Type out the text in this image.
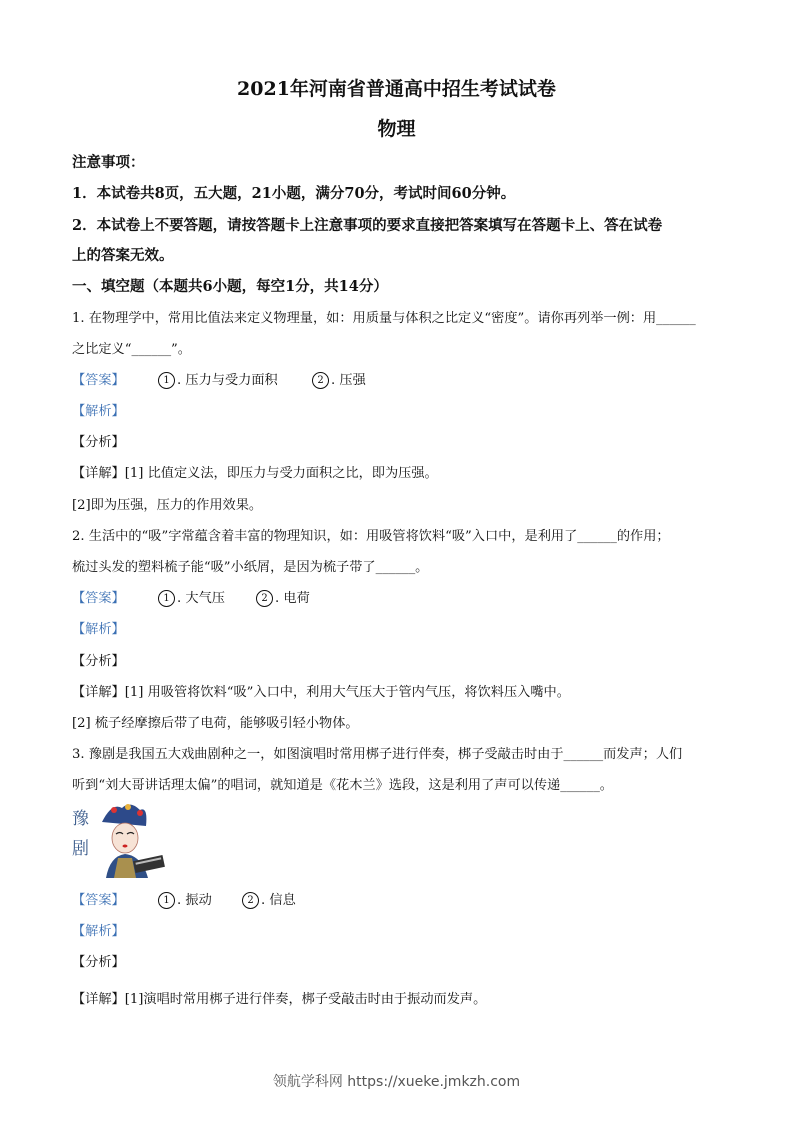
2021年河南省普通高中招生考试试卷
物理
注意事项：
1．本试卷共8页，五大题，21小题，满分70分，考试时间60分钟。
2．本试卷上不要答题，请按答题卡上注意事项的要求直接把答案填写在答题卡上、答在试卷
上的答案无效。
一、填空题（本题共6小题，每空1分，共14分）
1. 在物理学中，常用比值法来定义物理量，如：用质量与体积之比定义“密度”。请你再列举一例：用______
之比定义“______”。
【答案】	1 . 压力与受力面积	2 . 压强
【解析】
【分析】
【详解】[1] 比值定义法，即压力与受力面积之比，即为压强。
[2]即为压强，压力的作用效果。
2. 生活中的“吸”字常蕴含着丰富的物理知识，如：用吸管将饮料“吸”入口中，是利用了______的作用；
梳过头发的塑料梳子能“吸”小纸屑，是因为梳子带了______。
【答案】	1 . 大气压	2 . 电荷
【解析】
【分析】
【详解】[1] 用吸管将饮料“吸”入口中，利用大气压大于管内气压，将饮料压入嘴中。
[2] 梳子经摩擦后带了电荷，能够吸引轻小物体。
3. 豫剧是我国五大戏曲剧种之一，如图演唱时常用梆子进行伴奏，梆子受敲击时由于______而发声；人们
听到“刘大哥讲话理太偏”的唱词，就知道是《花木兰》选段，这是利用了声可以传递______。
豫
剧
【答案】	1 . 振动	2 . 信息
【解析】
【分析】
【详解】[1]演唱时常用梆子进行伴奏，梆子受敲击时由于振动而发声。
领航学科网 https://xueke.jmkzh.com
